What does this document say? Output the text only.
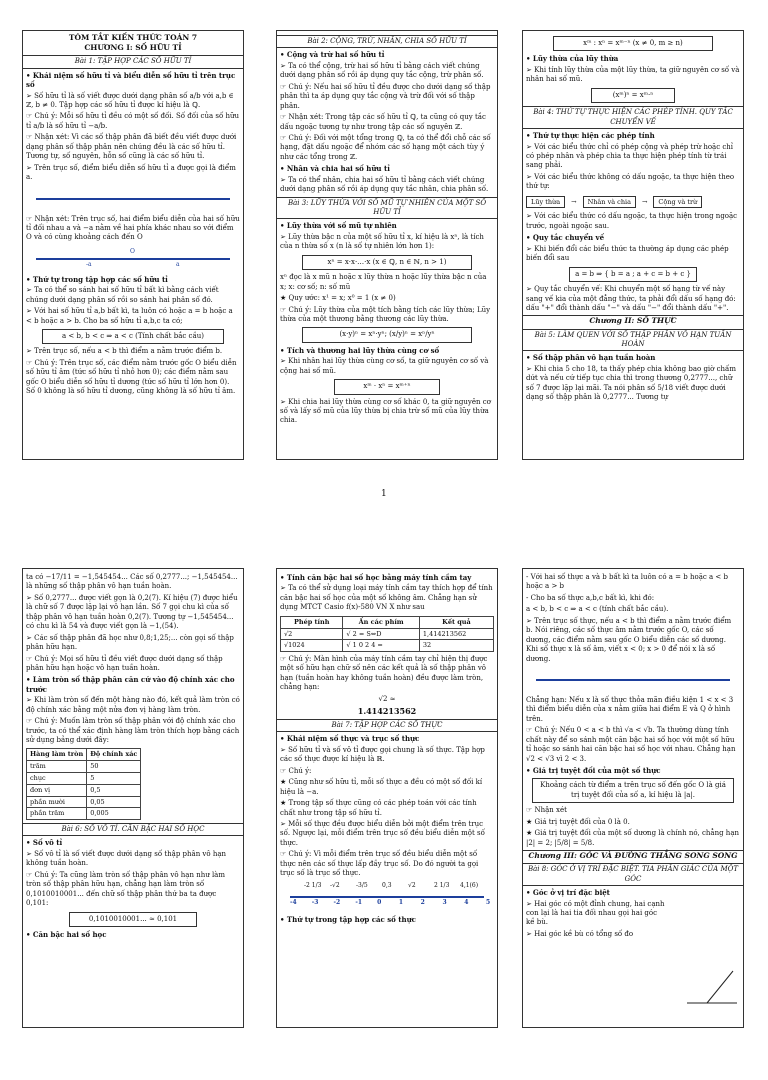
TÓM TẮT KIẾN THỨC TOÁN 7
CHƯƠNG I: SỐ HỮU TỈ
Bài 1: TẬP HỢP CÁC SỐ HỮU TỈ

• Khái niệm số hữu tỉ và biểu diễn số hữu tỉ trên trục số

➢ Số hữu tỉ là số viết được dưới dạng phân số a/b với a,b ∈ ℤ, b ≠ 0. Tập hợp các số hữu tỉ được kí hiệu là ℚ.

☞ Chú ý: Mỗi số hữu tỉ đều có một số đối. Số đối của số hữu tỉ a/b là số hữu tỉ −a/b.

☞ Nhận xét: Vì các số thập phân đã biết đều viết được dưới dạng phân số thập phân nên chúng đều là các số hữu tỉ. Tương tự, số nguyên, hỗn số cũng là các số hữu tỉ.

➢ Trên trục số, điểm biểu diễn số hữu tỉ a được gọi là điểm a.

☞ Nhận xét: Trên trục số, hai điểm biểu diễn của hai số hữu tỉ đối nhau a và −a nằm về hai phía khác nhau so với điểm O và có cùng khoảng cách đến O

O
-a	a

• Thứ tự trong tập hợp các số hữu tỉ

➢ Ta có thể so sánh hai số hữu tỉ bất kì bằng cách viết chúng dưới dạng phân số rồi so sánh hai phân số đó.

➢ Với hai số hữu tỉ a,b bất kì, ta luôn có hoặc a = b hoặc a < b hoặc a > b. Cho ba số hữu tỉ a,b,c ta có;

a < b, b < c ⇒ a < c (Tính chất bắc cầu)

➢ Trên trục số, nếu a < b thì điểm a nằm trước điểm b.

☞ Chú ý: Trên trục số, các điểm nằm trước gốc O biểu diễn số hữu tỉ âm (tức số hữu tỉ nhỏ hơn 0); các điểm nằm sau gốc O biểu diễn số hữu tỉ dương (tức số hữu tỉ lớn hơn 0). Số 0 không là số hữu tỉ dương, cũng không là số hữu tỉ âm.

Bài 2: CỘNG, TRỪ, NHÂN, CHIA SỐ HỮU TỈ

• Cộng và trừ hai số hữu tỉ

➢ Ta có thể cộng, trừ hai số hữu tỉ bằng cách viết chúng dưới dạng phân số rồi áp dụng quy tắc cộng, trừ phân số.

☞ Chú ý: Nếu hai số hữu tỉ đều được cho dưới dạng số thập phân thì ta áp dụng quy tắc cộng và trừ đối với số thập phân.

☞ Nhận xét: Trong tập các số hữu tỉ ℚ, ta cũng có quy tắc dấu ngoặc tương tự như trong tập các số nguyên ℤ.

☞ Chú ý: Đối với một tổng trong ℚ, ta có thể đổi chỗ các số hạng, đặt dấu ngoặc để nhóm các số hạng một cách tùy ý như các tổng trong ℤ.

• Nhân và chia hai số hữu tỉ

➢ Ta có thể nhân, chia hai số hữu tỉ bằng cách viết chúng dưới dạng phân số rồi áp dụng quy tắc nhân, chia phân số.

Bài 3: LŨY THỪA VỚI SỐ MŨ TỰ NHIÊN CỦA MỘT SỐ HỮU TỈ

• Lũy thừa với số mũ tự nhiên

➢ Lũy thừa bậc n của một số hữu tỉ x, kí hiệu là xⁿ, là tích của n thừa số x (n là số tự nhiên lớn hơn 1):

xⁿ = x·x·…·x (x ∈ ℚ, n ∈ ℕ, n > 1)

xⁿ đọc là x mũ n hoặc x lũy thừa n hoặc lũy thừa bậc n của x; x: cơ số; n: số mũ

★ Quy ước: x¹ = x; x⁰ = 1 (x ≠ 0)

☞ Chú ý: Lũy thừa của một tích bằng tích các lũy thừa; Lũy thừa của một thương bằng thương các lũy thừa.

(x·y)ⁿ = xⁿ·yⁿ; (x/y)ⁿ = xⁿ/yⁿ

• Tích và thương hai lũy thừa cùng cơ số

➢ Khi nhân hai lũy thừa cùng cơ số, ta giữ nguyên cơ số và cộng hai số mũ.

xᵐ · xⁿ = xᵐ⁺ⁿ

➢ Khi chia hai lũy thừa cùng cơ số khác 0, ta giữ nguyên cơ số và lấy số mũ của lũy thừa bị chia trừ số mũ của lũy thừa chia.

xᵐ : xⁿ = xᵐ⁻ⁿ (x ≠ 0, m ≥ n)

• Lũy thừa của lũy thừa

➢ Khi tính lũy thừa của một lũy thừa, ta giữ nguyên cơ số và nhân hai số mũ.

(xᵐ)ⁿ = xᵐ·ⁿ
Bài 4: THỨ TỰ THỰC HIỆN CÁC PHÉP TÍNH. QUY TẮC CHUYỂN VẾ

• Thứ tự thực hiện các phép tính

➢ Với các biểu thức chỉ có phép cộng và phép trừ hoặc chỉ có phép nhân và phép chia ta thực hiện phép tính từ trái sang phải.

➢ Với các biểu thức không có dấu ngoặc, ta thực hiện theo thứ tự:

Lũy thừa	→	Nhân và chia	→	Cộng và trừ

➢ Với các biểu thức có dấu ngoặc, ta thực hiện trong ngoặc trước, ngoài ngoặc sau.

• Quy tắc chuyển vế

➢ Khi biến đổi các biểu thức ta thường áp dụng các phép biến đổi sau

a = b ⇒ { b = a ; a + c = b + c }

➢ Quy tắc chuyển vế: Khi chuyển một số hạng từ vế này sang vế kia của một đẳng thức, ta phải đổi dấu số hạng đó: dấu "+" đổi thành dấu "−" và dấu "−" đổi thành dấu "+".

Chương II: SỐ THỰC
Bài 5: LÀM QUEN VỚI SỐ THẬP PHÂN VÔ HẠN TUẦN HOÀN

• Số thập phân vô hạn tuần hoàn

➢ Khi chia 5 cho 18, ta thấy phép chia không bao giờ chấm dứt và nếu cứ tiếp tục chia thì trong thương 0,2777..., chữ số 7 được lặp lại mãi. Ta nói phân số 5/18 viết được dưới dạng số thập phân là 0,2777... Tương tự

1

ta có −17/11 = −1,545454... Các số 0,2777...; −1,545454... là những số thập phân vô hạn tuần hoàn.

➢ Số 0,2777... được viết gọn là 0,2(7). Kí hiệu (7) được hiểu là chữ số 7 được lặp lại vô hạn lần. Số 7 gọi chu kì của số thập phân vô hạn tuần hoàn 0,2(7). Tương tự −1,545454... có chu kì là 54 và được viết gọn là −1,(54).

➢ Các số thập phân đã học như 0,8;1,25;... còn gọi số thập phân hữu hạn.

☞ Chú ý: Mọi số hữu tỉ đều viết được dưới dạng số thập phân hữu hạn hoặc vô hạn tuần hoàn.

• Làm tròn số thập phân căn cứ vào độ chính xác cho trước

➢ Khi làm tròn số đến một hàng nào đó, kết quả làm tròn có độ chính xác bằng một nửa đơn vị hàng làm tròn.

☞ Chú ý: Muốn làm tròn số thập phân với độ chính xác cho trước, ta có thể xác định hàng làm tròn thích hợp bằng cách sử dụng bảng dưới đây:

Hàng làm tròn	Độ chính xác
trăm	50
chục	5
đơn vị	0,5
phần mười	0,05
phần trăm	0,005
Bài 6: SỐ VÔ TỈ. CĂN BẬC HAI SỐ HỌC

• Số vô tỉ

➢ Số vô tỉ là số viết được dưới dạng số thập phân vô hạn không tuần hoàn.

☞ Chú ý: Ta cũng làm tròn số thập phân vô hạn như làm tròn số thập phân hữu hạn, chẳng hạn làm tròn số 0,1010010001... đến chữ số thập phân thứ ba ta được 0,101:

0,1010010001... ≈ 0,101

• Căn bậc hai số học

• Tính căn bậc hai số học bằng máy tính cầm tay

➢ Ta có thể sử dụng loại máy tính cầm tay thích hợp để tính căn bậc hai số học của một số không âm. Chẳng hạn sử dụng MTCT Casio f(x)-580 VN X như sau

Phép tính	Ấn các phím	Kết quả
√2	√ 2 = S⇔D	1,414213562
√1024	√ 1 0 2 4 =	32

☞ Chú ý: Màn hình của máy tính cầm tay chỉ hiện thị được một số hữu hạn chữ số nên các kết quả là số thập phân vô hạn (tuần hoàn hay không tuần hoàn) đều được làm tròn, chẳng hạn:

√2 ≈

1.414213562

Bài 7: TẬP HỢP CÁC SỐ THỰC

• Khái niệm số thực và trục số thực

➢ Số hữu tỉ và số vô tỉ được gọi chung là số thực. Tập hợp các số thực được kí hiệu là ℝ.

☞ Chú ý:

★ Cũng như số hữu tỉ, mỗi số thực a đều có một số đối kí hiệu là −a.

★ Trong tập số thực cũng có các phép toán với các tính chất như trong tập số hữu tỉ.

➢ Mỗi số thực đều được biểu diễn bởi một điểm trên trục số. Ngược lại, mỗi điểm trên trục số đều biểu diễn một số thực.

☞ Chú ý: Vì mỗi điểm trên trục số đều biểu diễn một số thực nên các số thực lấp đầy trục số. Do đó người ta gọi trục số là trục số thực.

-4	-3	-2	-1	0	1	2	3	4	5
-2 1/3 -√2	-3/5 0,3	√2	2 1/3 4,1(6)

• Thứ tự trong tập hợp các số thực

- Với hai số thực a và b bất kì ta luôn có a = b hoặc a < b hoặc a > b

- Cho ba số thực a,b,c bất kì, khi đó:

a < b, b < c ⇒ a < c (tính chất bắc cầu).

➢ Trên trục số thực, nếu a < b thì điểm a nằm trước điểm b. Nói riêng, các số thực âm nằm trước gốc O, các số dương, các điểm nằm sau gốc O biểu diễn các số dương. Khi số thực x là số âm, viết x < 0; x > 0 để nói x là số dương.

Chẳng hạn: Nếu x là số thực thỏa mãn điều kiện 1 < x < 3 thì điểm biểu diễn của x nằm giữa hai điểm E và Q ở hình trên.

☞ Chú ý: Nếu 0 < a < b thì √a < √b. Ta thường dùng tính chất này để so sánh một căn bậc hai số học với một số hữu tỉ hoặc so sánh hai căn bậc hai số học với nhau. Chẳng hạn √2 < √3 vì 2 < 3.

• Giá trị tuyệt đối của một số thực

Khoảng cách từ điểm a trên trục số đến gốc O là giá trị tuyệt đối của số a, kí hiệu là |a|.

☞ Nhận xét

★ Giá trị tuyệt đối của 0 là 0.

★ Giá trị tuyệt đối của một số dương là chính nó, chẳng hạn |2| = 2; |5/8| = 5/8.

Chương III: GÓC VÀ ĐƯỜNG THẲNG SONG SONG
Bài 8: GÓC Ở VỊ TRÍ ĐẶC BIỆT. TIA PHÂN GIÁC CỦA MỘT GÓC

• Góc ở vị trí đặc biệt

➢ Hai góc có một đỉnh chung, hai cạnh con lại là hai tia đối nhau gọi hai góc kề bù.

➢ Hai góc kề bù có tổng số đo
